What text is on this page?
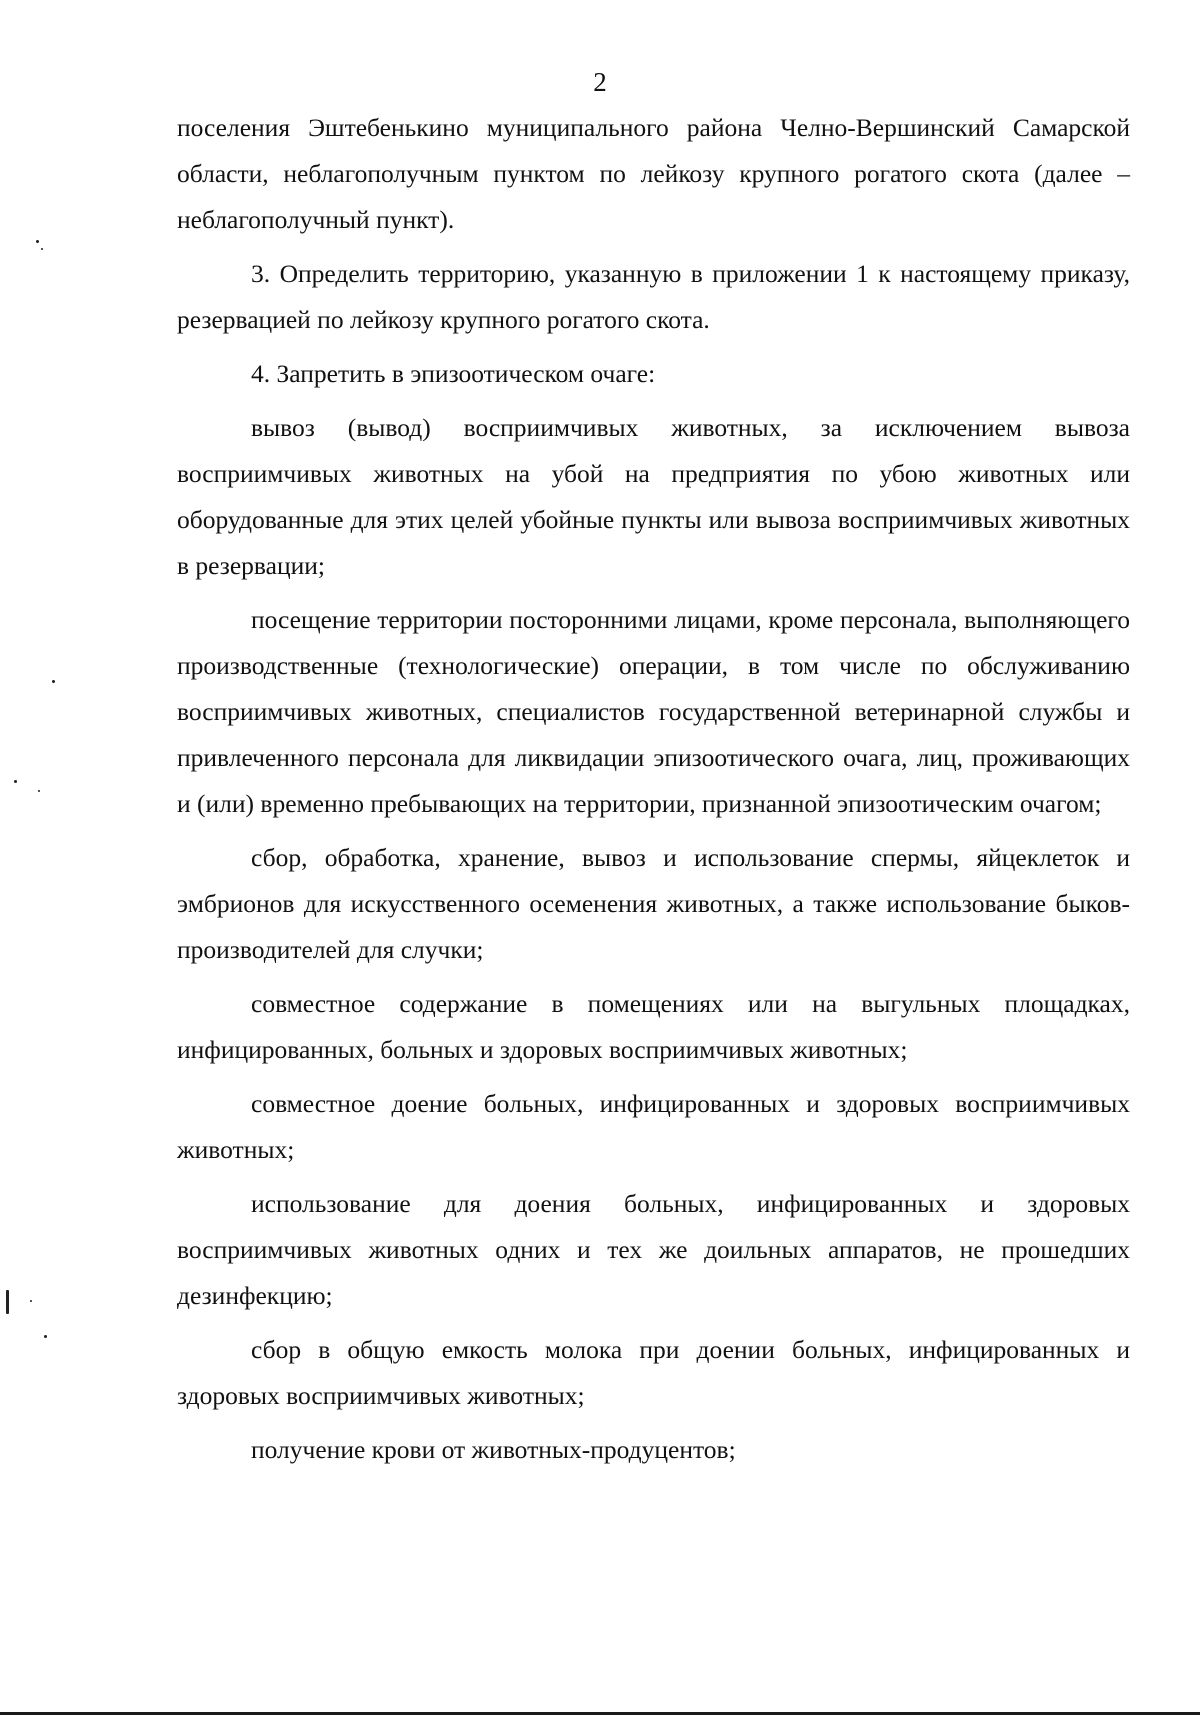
2

поселения Эштебенькино муниципального района Челно-Вершинский Самарской области, неблагополучным пунктом по лейкозу крупного рогатого скота (далее – неблагополучный пункт).

3. Определить территорию, указанную в приложении 1 к настоящему приказу, резервацией по лейкозу крупного рогатого скота.

4. Запретить в эпизоотическом очаге:

вывоз (вывод) восприимчивых животных, за исключением вывоза восприимчивых животных на убой на предприятия по убою животных или оборудованные для этих целей убойные пункты или вывоза восприимчивых животных в резервации;

посещение территории посторонними лицами, кроме персонала, выполняющего производственные (технологические) операции, в том числе по обслуживанию восприимчивых животных, специалистов государственной ветеринарной службы и привлеченного персонала для ликвидации эпизоотического очага, лиц, проживающих и (или) временно пребывающих на территории, признанной эпизоотическим очагом;

сбор, обработка, хранение, вывоз и использование спермы, яйцеклеток и эмбрионов для искусственного осеменения животных, а также использование быков-производителей для случки;

совместное содержание в помещениях или на выгульных площадках, инфицированных, больных и здоровых восприимчивых животных;

совместное доение больных, инфицированных и здоровых восприимчивых животных;

использование для доения больных, инфицированных и здоровых восприимчивых животных одних и тех же доильных аппаратов, не прошедших дезинфекцию;

сбор в общую емкость молока при доении больных, инфицированных и здоровых восприимчивых животных;

получение крови от животных-продуцентов;
